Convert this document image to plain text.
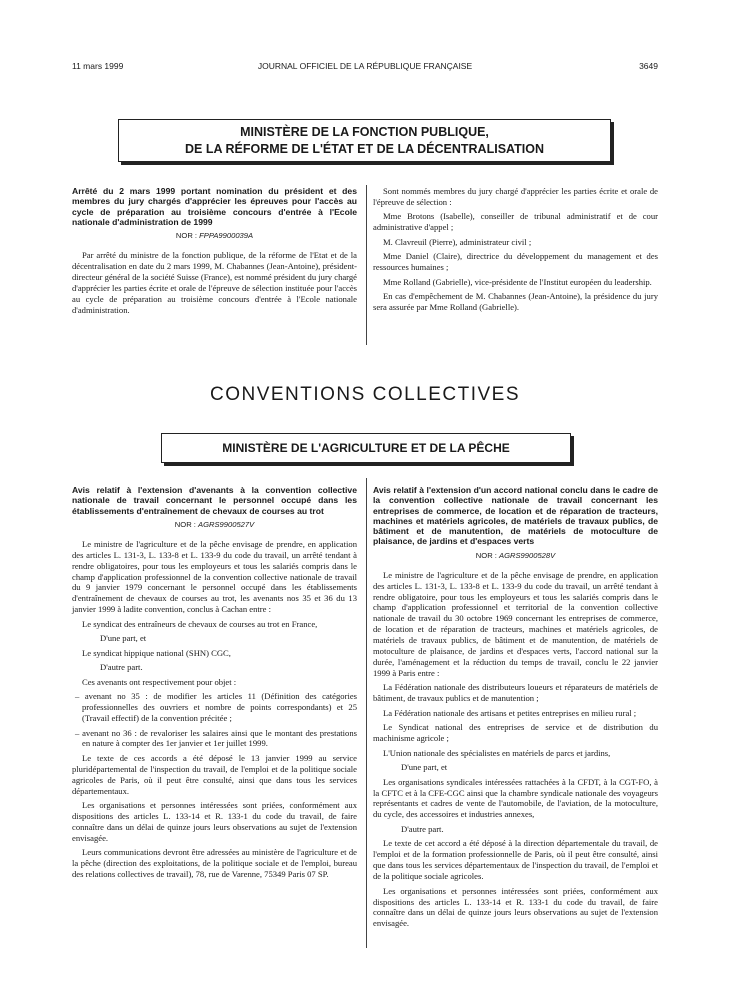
11 mars 1999	JOURNAL OFFICIEL DE LA RÉPUBLIQUE FRANÇAISE	3649
MINISTÈRE DE LA FONCTION PUBLIQUE,
DE LA RÉFORME DE L'ÉTAT ET DE LA DÉCENTRALISATION
Arrêté du 2 mars 1999 portant nomination du président et des membres du jury chargés d'apprécier les épreuves pour l'accès au cycle de préparation au troisième concours d'entrée à l'Ecole nationale d'administration de 1999
NOR : FPPA9900039A

Par arrêté du ministre de la fonction publique, de la réforme de l'Etat et de la décentralisation en date du 2 mars 1999, M. Chabannes (Jean-Antoine), président-directeur général de la société Suisse (France), est nommé président du jury chargé d'apprécier les parties écrite et orale de l'épreuve de sélection instituée pour l'accès au cycle de préparation au troisième concours d'entrée à l'Ecole nationale d'administration.

Sont nommés membres du jury chargé d'apprécier les parties écrite et orale de l'épreuve de sélection :

Mme Brotons (Isabelle), conseiller de tribunal administratif et de cour administrative d'appel ;

M. Clavreuil (Pierre), administrateur civil ;

Mme Daniel (Claire), directrice du développement du management et des ressources humaines ;

Mme Rolland (Gabrielle), vice-présidente de l'Institut européen du leadership.

En cas d'empêchement de M. Chabannes (Jean-Antoine), la présidence du jury sera assurée par Mme Rolland (Gabrielle).

CONVENTIONS COLLECTIVES
MINISTÈRE DE L'AGRICULTURE ET DE LA PÊCHE
Avis relatif à l'extension d'avenants à la convention collective nationale de travail concernant le personnel occupé dans les établissements d'entraînement de chevaux de courses au trot
NOR : AGRS9900527V

Le ministre de l'agriculture et de la pêche envisage de prendre, en application des articles L. 131-3, L. 133-8 et L. 133-9 du code du travail, un arrêté tendant à rendre obligatoires, pour tous les employeurs et tous les salariés compris dans le champ d'application professionnel de la convention collective nationale de travail du 9 janvier 1979 concernant le personnel occupé dans les établissements d'entraînement de chevaux de courses au trot, les avenants nos 35 et 36 du 13 janvier 1999 à ladite convention, conclus à Cachan entre :

Le syndicat des entraîneurs de chevaux de courses au trot en France,

D'une part, et

Le syndicat hippique national (SHN) CGC,

D'autre part.

Ces avenants ont respectivement pour objet :

– avenant no 35 : de modifier les articles 11 (Définition des catégories professionnelles des ouvriers et nombre de points correspondants) et 25 (Travail effectif) de la convention précitée ;

– avenant no 36 : de revaloriser les salaires ainsi que le montant des prestations en nature à compter des 1er janvier et 1er juillet 1999.

Le texte de ces accords a été déposé le 13 janvier 1999 au service pluridépartemental de l'inspection du travail, de l'emploi et de la politique sociale agricoles de Paris, où il peut être consulté, ainsi que dans tous les services départementaux.

Les organisations et personnes intéressées sont priées, conformément aux dispositions des articles L. 133-14 et R. 133-1 du code du travail, de faire connaître dans un délai de quinze jours leurs observations au sujet de l'extension envisagée.

Leurs communications devront être adressées au ministère de l'agriculture et de la pêche (direction des exploitations, de la politique sociale et de l'emploi, bureau des relations collectives de travail), 78, rue de Varenne, 75349 Paris 07 SP.

Avis relatif à l'extension d'un accord national conclu dans le cadre de la convention collective nationale de travail concernant les entreprises de commerce, de location et de réparation de tracteurs, machines et matériels agricoles, de matériels de travaux publics, de bâtiment et de manutention, de matériels de motoculture de plaisance, de jardins et d'espaces verts
NOR : AGRS9900528V

Le ministre de l'agriculture et de la pêche envisage de prendre, en application des articles L. 131-3, L. 133-8 et L. 133-9 du code du travail, un arrêté tendant à rendre obligatoire, pour tous les employeurs et tous les salariés compris dans le champ d'application professionnel et territorial de la convention collective nationale de travail du 30 octobre 1969 concernant les entreprises de commerce, de location et de réparation de tracteurs, machines et matériels agricoles, de matériels de travaux publics, de bâtiment et de manutention, de matériels de motoculture de plaisance, de jardins et d'espaces verts, l'accord national sur la durée, l'aménagement et la réduction du temps de travail, conclu le 22 janvier 1999 à Paris entre :

La Fédération nationale des distributeurs loueurs et réparateurs de matériels de bâtiment, de travaux publics et de manutention ;

La Fédération nationale des artisans et petites entreprises en milieu rural ;

Le Syndicat national des entreprises de service et de distribution du machinisme agricole ;

L'Union nationale des spécialistes en matériels de parcs et jardins,

D'une part, et

Les organisations syndicales intéressées rattachées à la CFDT, à la CGT-FO, à la CFTC et à la CFE-CGC ainsi que la chambre syndicale nationale des voyageurs représentants et cadres de vente de l'automobile, de l'aviation, de la motoculture, du cycle, des accessoires et industries annexes,

D'autre part.

Le texte de cet accord a été déposé à la direction départementale du travail, de l'emploi et de la formation professionnelle de Paris, où il peut être consulté, ainsi que dans tous les services départementaux de l'inspection du travail, de l'emploi et de la politique sociale agricoles.

Les organisations et personnes intéressées sont priées, conformément aux dispositions des articles L. 133-14 et R. 133-1 du code du travail, de faire connaître dans un délai de quinze jours leurs observations au sujet de l'extension envisagée.
